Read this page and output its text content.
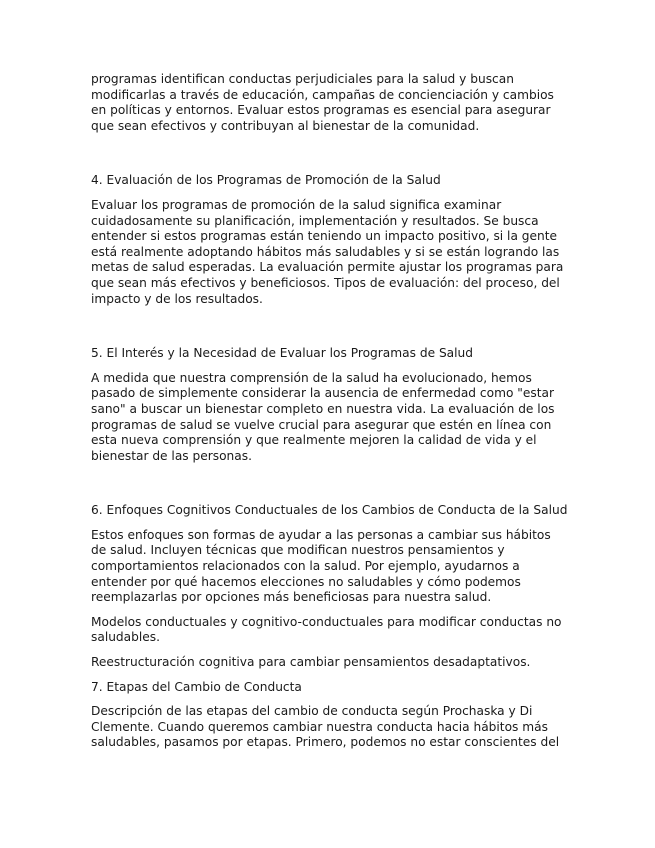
programas identifican conductas perjudiciales para la salud y buscan modificarlas a través de educación, campañas de concienciación y cambios en políticas y entornos. Evaluar estos programas es esencial para asegurar que sean efectivos y contribuyan al bienestar de la comunidad.

4. Evaluación de los Programas de Promoción de la Salud

Evaluar los programas de promoción de la salud significa examinar cuidadosamente su planificación, implementación y resultados. Se busca entender si estos programas están teniendo un impacto positivo, si la gente está realmente adoptando hábitos más saludables y si se están logrando las metas de salud esperadas. La evaluación permite ajustar los programas para que sean más efectivos y beneficiosos. Tipos de evaluación: del proceso, del impacto y de los resultados.

5. El Interés y la Necesidad de Evaluar los Programas de Salud

A medida que nuestra comprensión de la salud ha evolucionado, hemos pasado de simplemente considerar la ausencia de enfermedad como "estar sano" a buscar un bienestar completo en nuestra vida. La evaluación de los programas de salud se vuelve crucial para asegurar que estén en línea con esta nueva comprensión y que realmente mejoren la calidad de vida y el bienestar de las personas.

6. Enfoques Cognitivos Conductuales de los Cambios de Conducta de la Salud

Estos enfoques son formas de ayudar a las personas a cambiar sus hábitos de salud. Incluyen técnicas que modifican nuestros pensamientos y comportamientos relacionados con la salud. Por ejemplo, ayudarnos a entender por qué hacemos elecciones no saludables y cómo podemos reemplazarlas por opciones más beneficiosas para nuestra salud.

Modelos conductuales y cognitivo-conductuales para modificar conductas no saludables.

Reestructuración cognitiva para cambiar pensamientos desadaptativos.

7. Etapas del Cambio de Conducta

Descripción de las etapas del cambio de conducta según Prochaska y Di Clemente. Cuando queremos cambiar nuestra conducta hacia hábitos más saludables, pasamos por etapas. Primero, podemos no estar conscientes del
